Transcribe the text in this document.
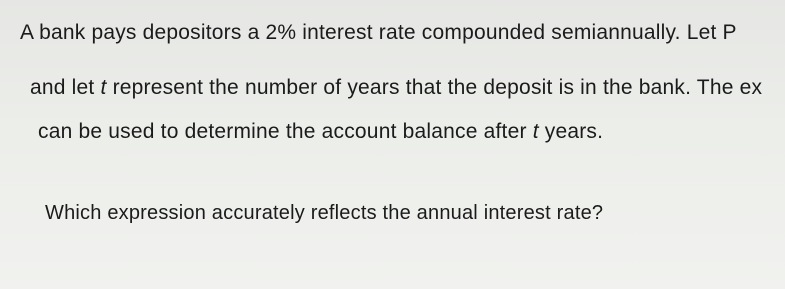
A bank pays depositors a 2% interest rate compounded semiannually. Let P
and let t represent the number of years that the deposit is in the bank. The ex
can be used to determine the account balance after t years.
Which expression accurately reflects the annual interest rate?
